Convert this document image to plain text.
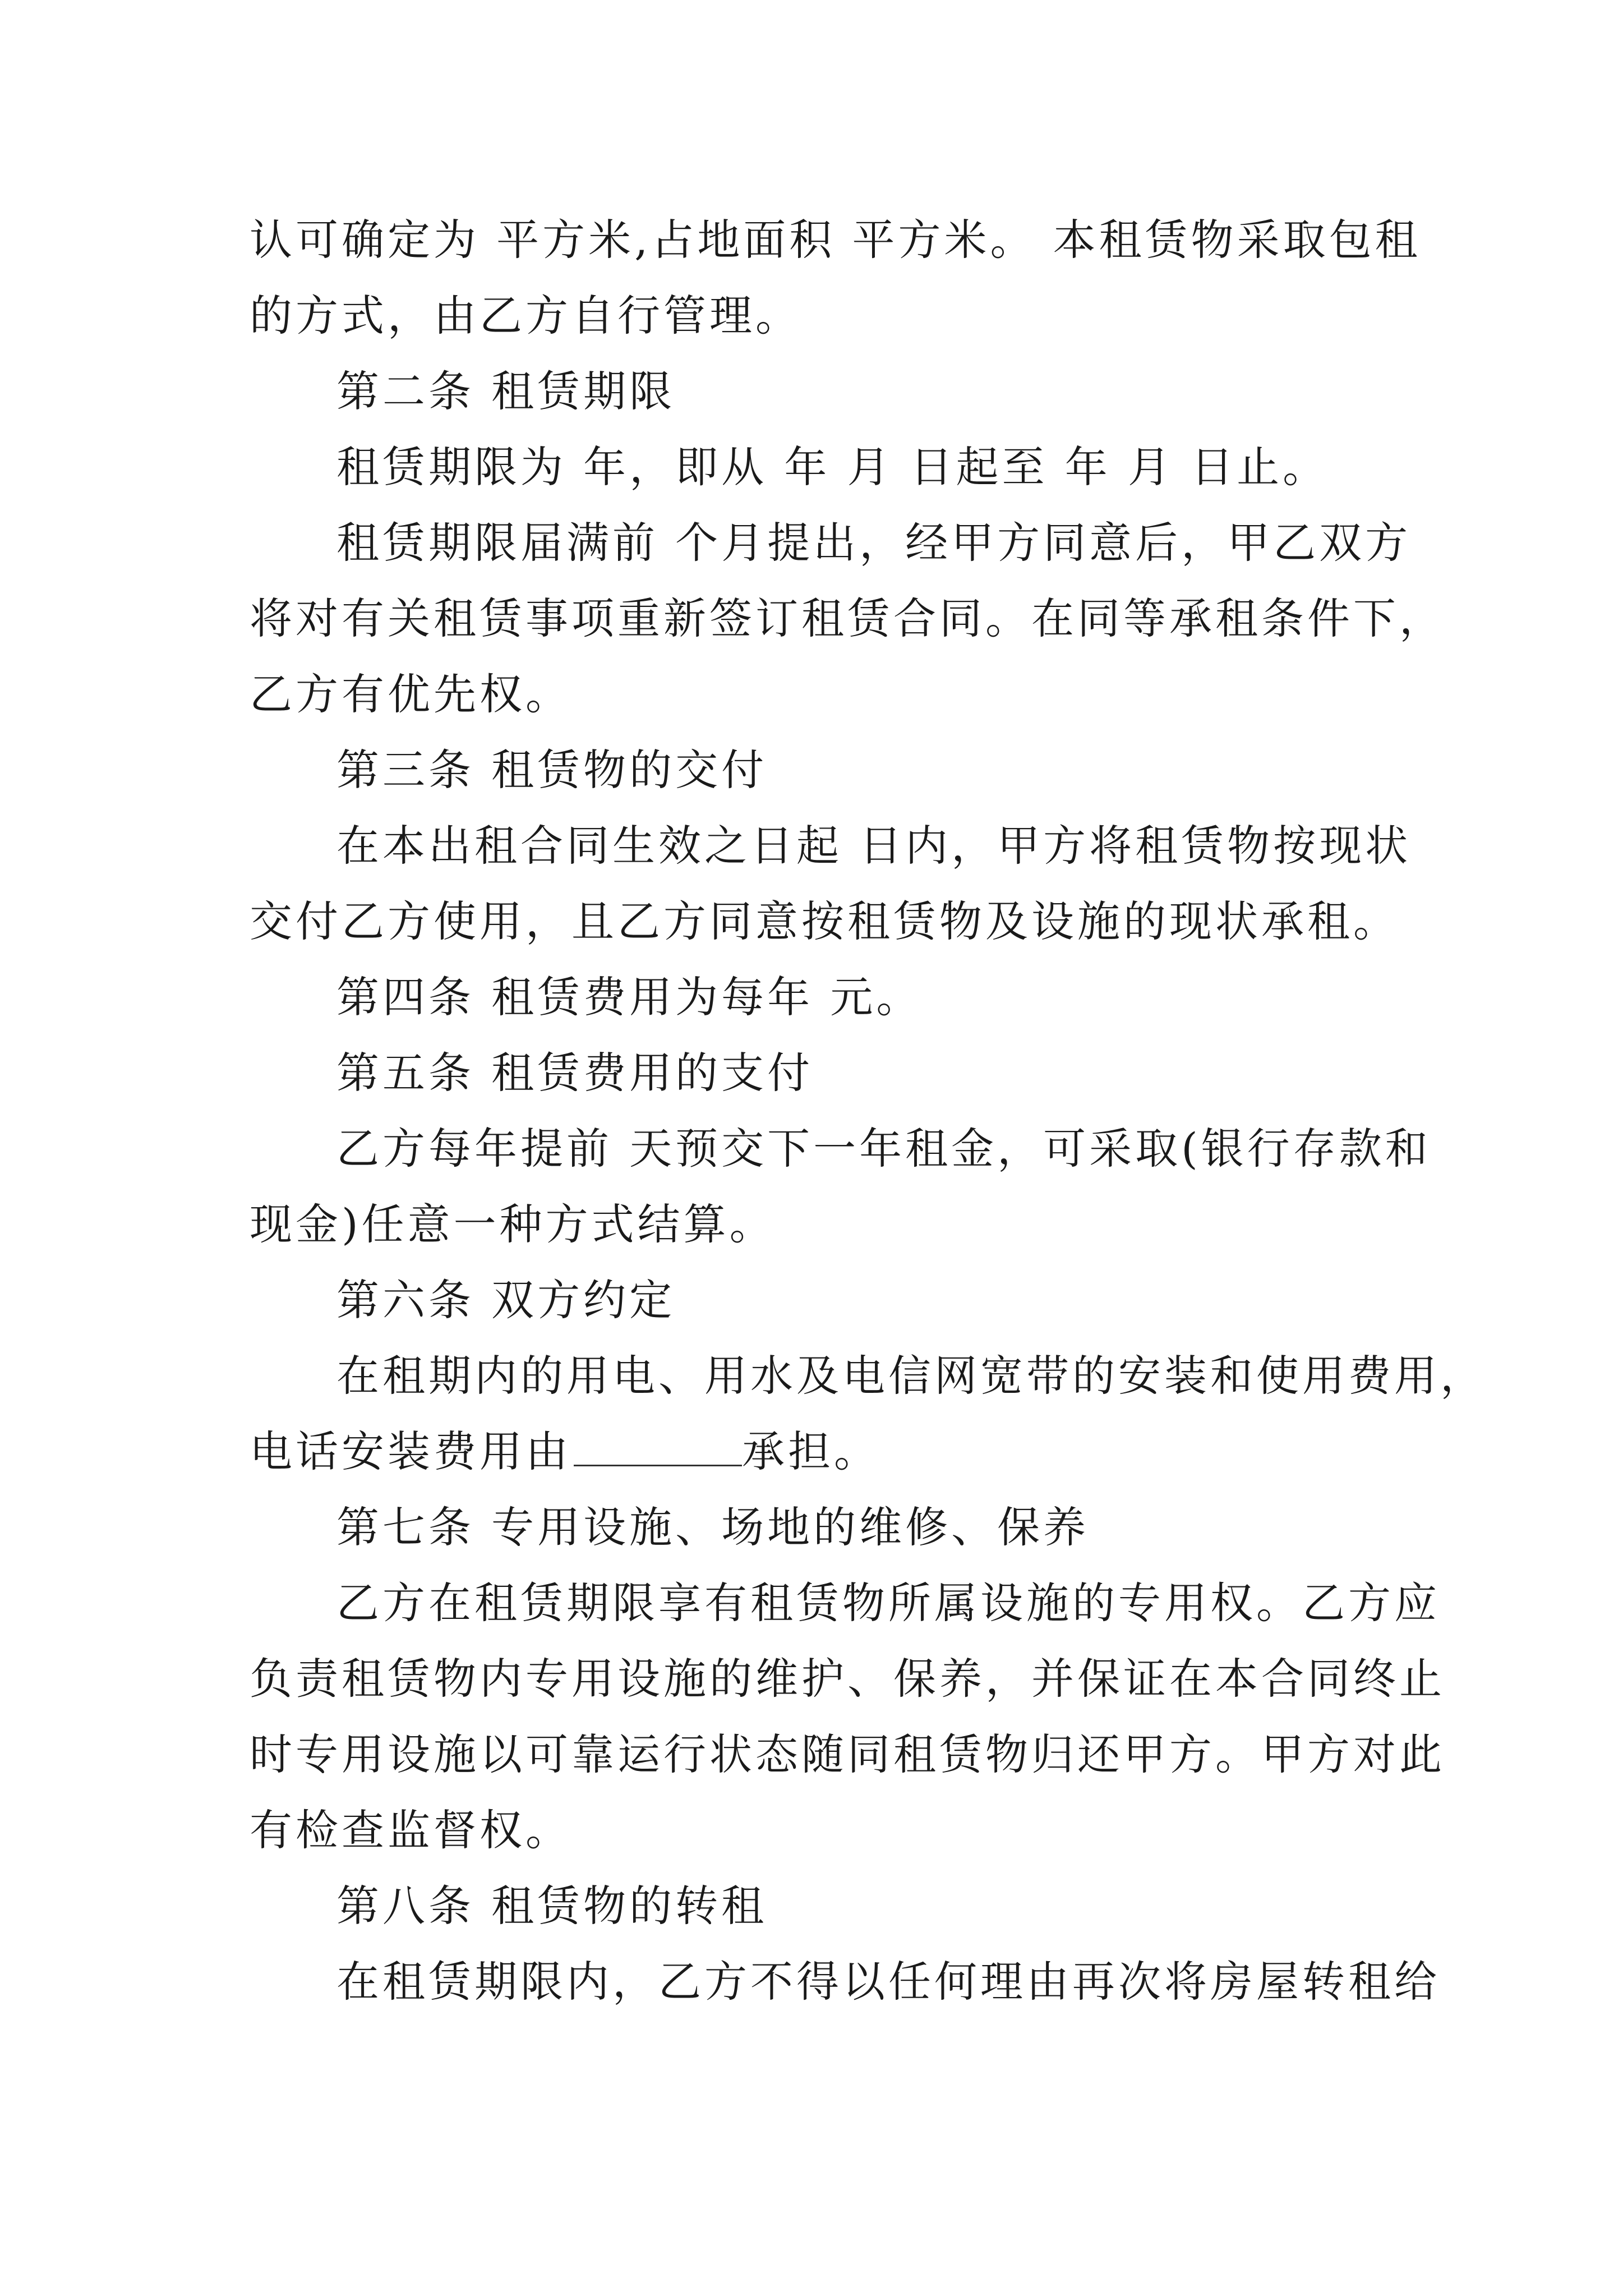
认可确定为 平方米,占地面积 平方米。 本租赁物采取包租
的方式，由乙方自行管理。
第二条 租赁期限
租赁期限为 年，即从 年 月 日起至 年 月 日止。
租赁期限届满前 个月提出，经甲方同意后，甲乙双方
将对有关租赁事项重新签订租赁合同。在同等承租条件下，
乙方有优先权。
第三条 租赁物的交付
在本出租合同生效之日起 日内，甲方将租赁物按现状
交付乙方使用，且乙方同意按租赁物及设施的现状承租。
第四条 租赁费用为每年 元。
第五条 租赁费用的支付
乙方每年提前 天预交下一年租金，可采取(银行存款和
现金)任意一种方式结算。
第六条 双方约定
在租期内的用电、用水及电信网宽带的安装和使用费用，
电话安装费用由	承担。
第七条 专用设施、场地的维修、保养
乙方在租赁期限享有租赁物所属设施的专用权。乙方应
负责租赁物内专用设施的维护、保养，并保证在本合同终止
时专用设施以可靠运行状态随同租赁物归还甲方。甲方对此
有检查监督权。
第八条 租赁物的转租
在租赁期限内，乙方不得以任何理由再次将房屋转租给
